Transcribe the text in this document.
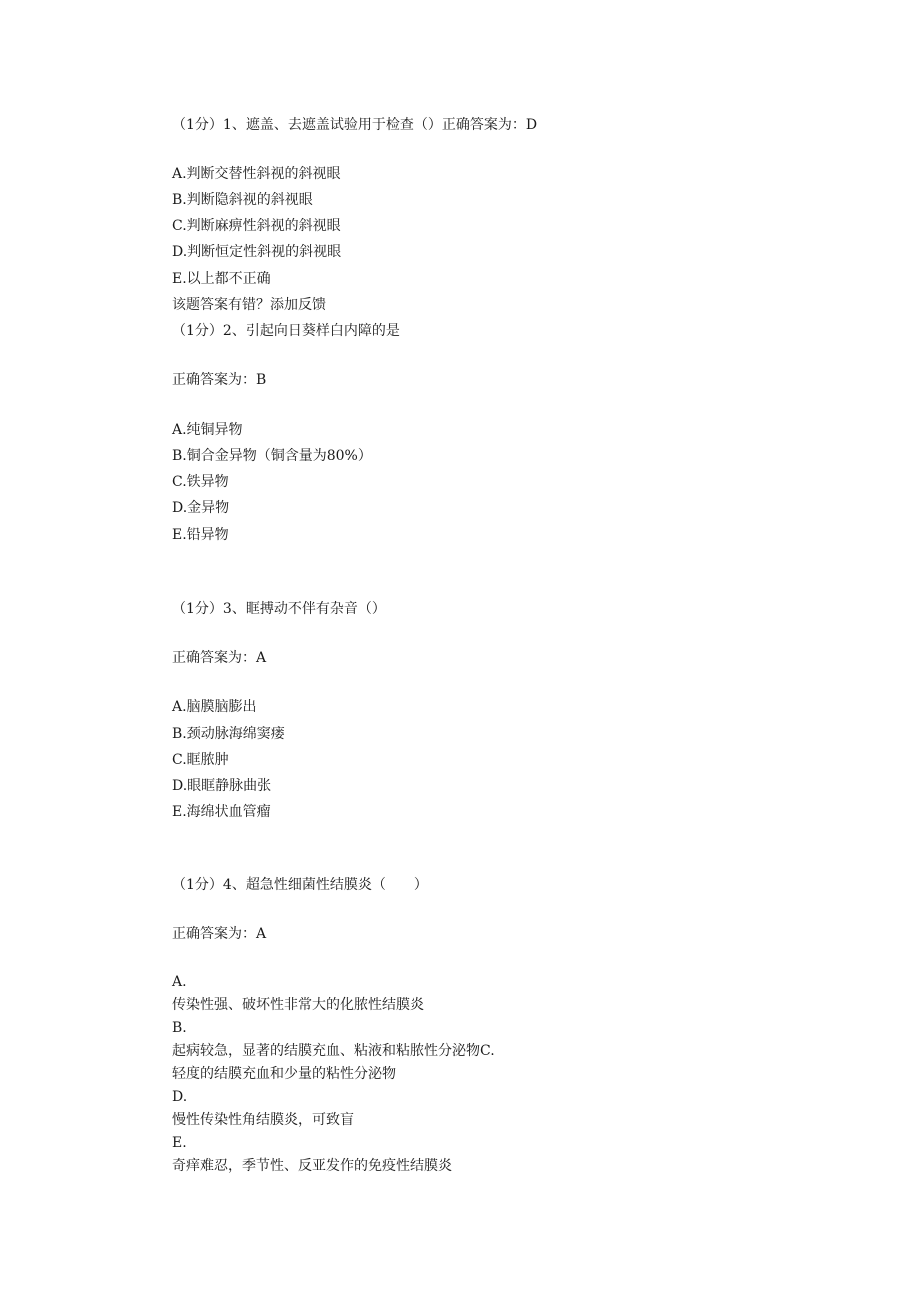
（1分）1、遮盖、去遮盖试验用于检查（）正确答案为：D
A.判断交替性斜视的斜视眼
B.判断隐斜视的斜视眼
C.判断麻痹性斜视的斜视眼
D.判断恒定性斜视的斜视眼
E.以上都不正确
该题答案有错？添加反馈
（1分）2、引起向日葵样白内障的是
正确答案为：B
A.纯铜异物
B.铜合金异物（铜含量为80%）
C.铁异物
D.金异物
E.铅异物
（1分）3、眶搏动不伴有杂音（）
正确答案为：A
A.脑膜脑膨出
B.颈动脉海绵窦瘘
C.眶脓肿
D.眼眶静脉曲张
E.海绵状血管瘤
（1分）4、超急性细菌性结膜炎（　　）
正确答案为：A
A.
传染性强、破坏性非常大的化脓性结膜炎
B.
起病较急，显著的结膜充血、粘液和粘脓性分泌物C.
轻度的结膜充血和少量的粘性分泌物
D.
慢性传染性角结膜炎，可致盲
E.
奇痒难忍，季节性、反亚发作的免疫性结膜炎
